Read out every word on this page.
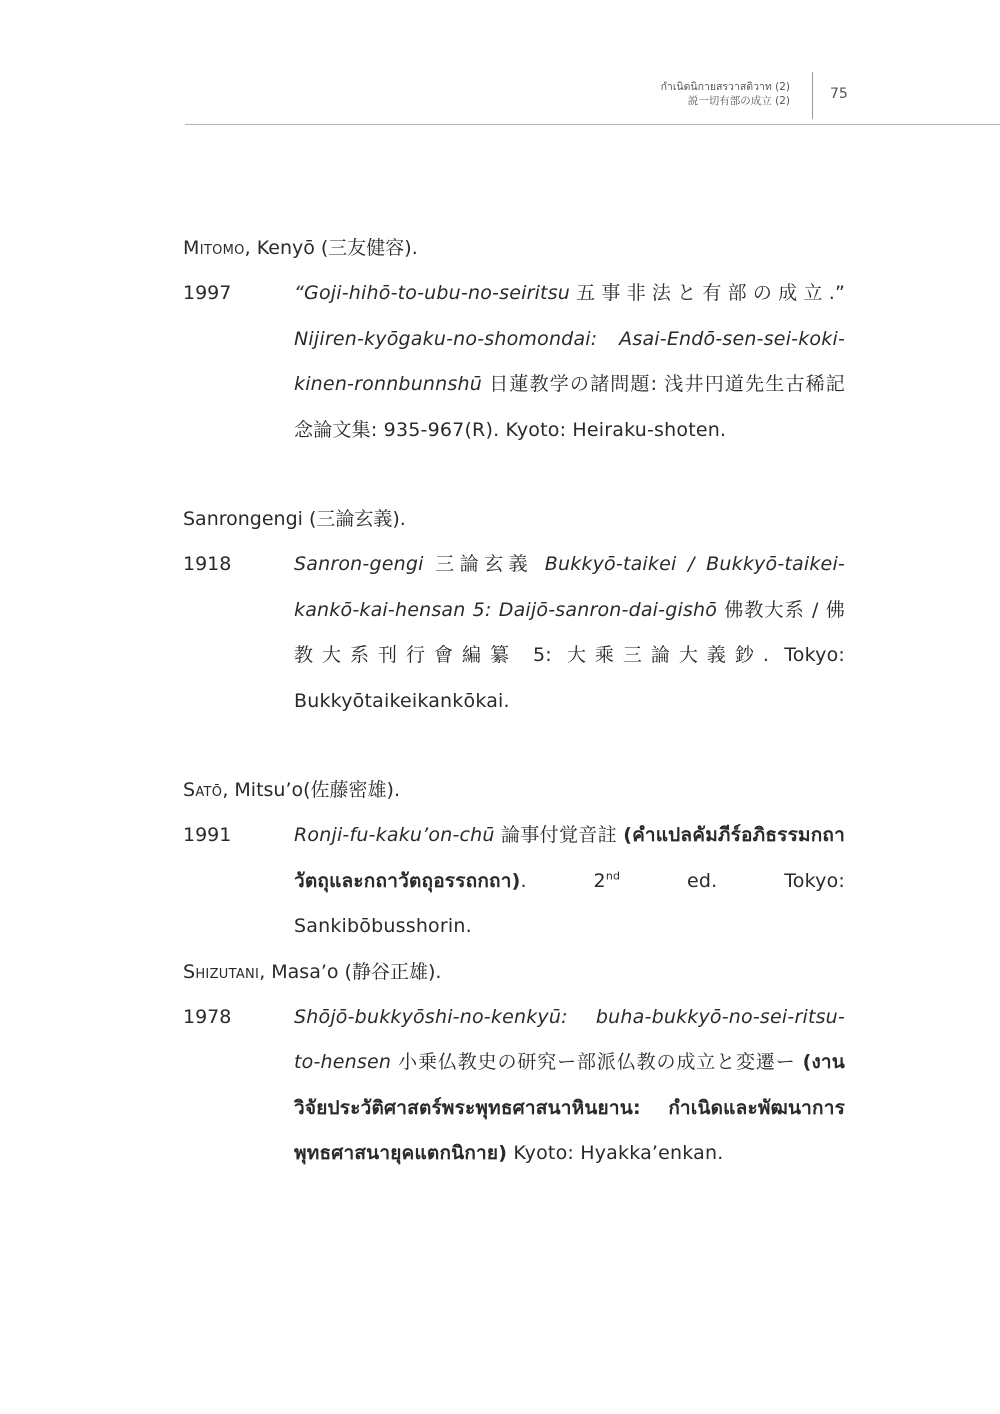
กำเนิดนิกายสรวาสติวาท (2)
説一切有部の成立 (2)	75

Mitomo, Kenyō (三友健容).

1997	“Goji-hihō-to-ubu-no-seiritsu五事非法と有部の成立.” Nijiren-kyōgaku-no-shomondai: Asai-Endō-sen-sei-koki-kinen-ronnbunnshū 日蓮教学の諸問題: 浅井円道先生古稀記念論文集: 935-967(R). Kyoto: Heiraku-shoten.

Sanrongengi (三論玄義).

1918	Sanron-gengi 三論玄義 Bukkyō-taikei / Bukkyō-taikei-kankō-kai-hensan 5: Daijō-sanron-dai-gishō 佛教大系 / 佛教大系刊行會編纂 5: 大乘三論大義鈔. Tokyo: Bukkyōtaikeikankōkai.

Satō, Mitsu’o(佐藤密雄).

1991	Ronji-fu-kaku’on-chū 論事付覚音註 (คำแปลคัมภีร์อภิธรรมกถาวัตถุและกถาวัตถุอรรถกถา). 2nd ed. Tokyo: Sankibōbusshorin.

Shizutani, Masa’o (静谷正雄).

1978	Shōjō-bukkyōshi-no-kenkyū: buha-bukkyō-no-sei-ritsu-to-hensen 小乗仏教史の研究ー部派仏教の成立と変遷ー (งานวิจัยประวัติศาสตร์พระพุทธศาสนาหินยาน: กำเนิดและพัฒนาการพุทธศาสนายุคแตกนิกาย) Kyoto: Hyakka’enkan.
